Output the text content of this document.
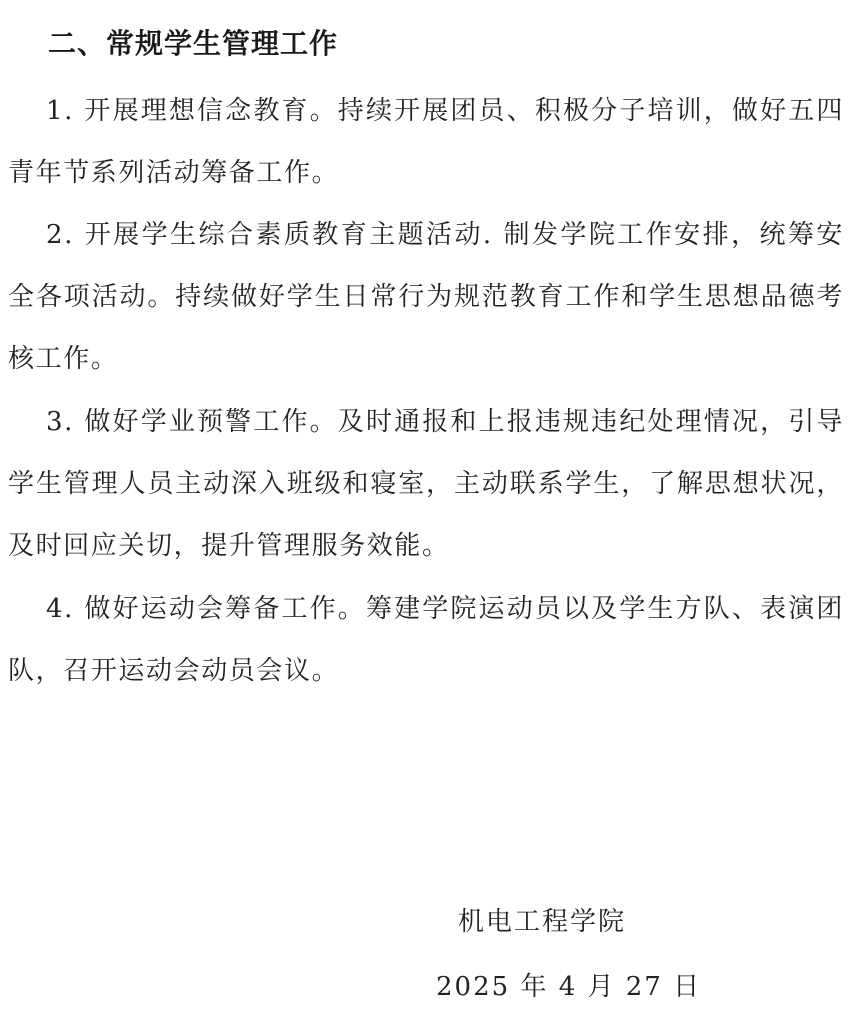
二、常规学生管理工作

1. 开展理想信念教育。持续开展团员、积极分子培训，做好五四青年节系列活动筹备工作。

2. 开展学生综合素质教育主题活动. 制发学院工作安排，统筹安全各项活动。持续做好学生日常行为规范教育工作和学生思想品德考核工作。

3. 做好学业预警工作。及时通报和上报违规违纪处理情况，引导学生管理人员主动深入班级和寝室，主动联系学生，了解思想状况，及时回应关切，提升管理服务效能。

4. 做好运动会筹备工作。筹建学院运动员以及学生方队、表演团队，召开运动会动员会议。

机电工程学院
2025 年 4 月 27 日
